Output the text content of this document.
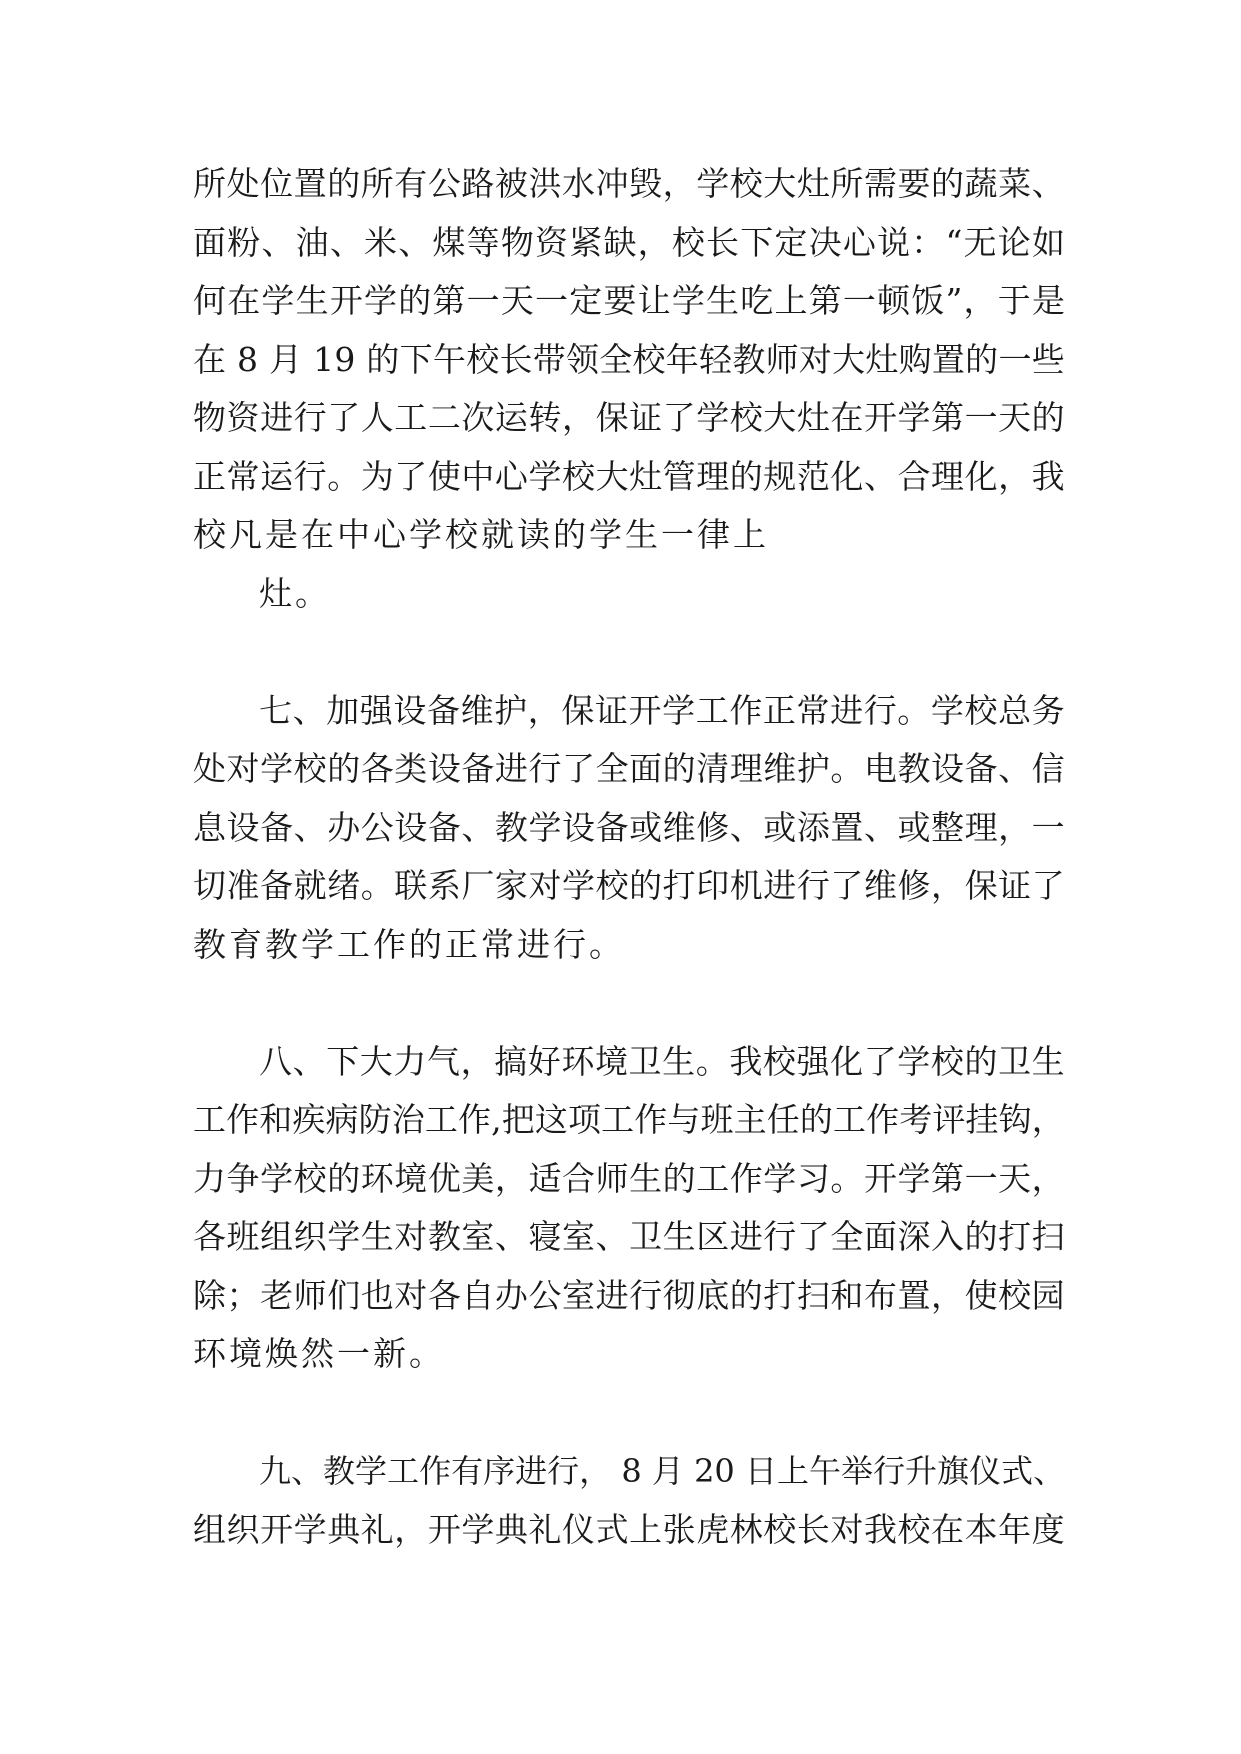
所 处 位 置 的 所 有 公 路 被 洪 水 冲 毁 ， 学 校 大 灶 所 需 要 的 蔬 菜 、
面 粉 、 油 、 米 、 煤 等 物 资 紧 缺 ， 校 长 下 定 决 心 说 ： “ 无 论 如
何 在 学 生 开 学 的 第 一 天 一 定 要 让 学 生 吃 上 第 一 顿 饭 ” ， 于 是
在
8
月
1 9
的 下 午 校 长 带 领 全 校 年 轻 教 师 对 大 灶 购 置 的 一 些
物 资 进 行 了 人 工 二 次 运 转 ， 保 证 了 学 校 大 灶 在 开 学 第 一 天 的
正 常 运 行 。 为 了 使 中 心 学 校 大 灶 管 理 的 规 范 化 、 合 理 化 ， 我
校凡是在中心学校就读的学生一律上
灶。
七 、 加 强 设 备 维 护 ， 保 证 开 学 工 作 正 常 进 行 。 学 校 总 务
处 对 学 校 的 各 类 设 备 进 行 了 全 面 的 清 理 维 护 。 电 教 设 备 、 信
息 设 备 、 办 公 设 备 、 教 学 设 备 或 维 修 、 或 添 置 、 或 整 理 ， 一
切 准 备 就 绪 。 联 系 厂 家 对 学 校 的 打 印 机 进 行 了 维 修 ， 保 证 了
教育教学工作的正常进行。
八 、 下 大 力 气 ， 搞 好 环 境 卫 生 。 我 校 强 化 了 学 校 的 卫 生
工 作 和 疾 病 防 治 工 作 , 把 这 项 工 作 与 班 主 任 的 工 作 考 评 挂 钩 ，
力 争 学 校 的 环 境 优 美 ， 适 合 师 生 的 工 作 学 习 。 开 学 第 一 天 ，
各 班 组 织 学 生 对 教 室 、 寝 室 、 卫 生 区 进 行 了 全 面 深 入 的 打 扫
除 ； 老 师 们 也 对 各 自 办 公 室 进 行 彻 底 的 打 扫 和 布 置 ， 使 校 园
环境焕然一新。
九 、 教 学 工 作 有 序 进 行 ，
8
月
2 0
日 上 午 举 行 升 旗 仪 式 、
组 织 开 学 典 礼 ， 开 学 典 礼 仪 式 上 张 虎 林 校 长 对 我 校 在 本 年 度
